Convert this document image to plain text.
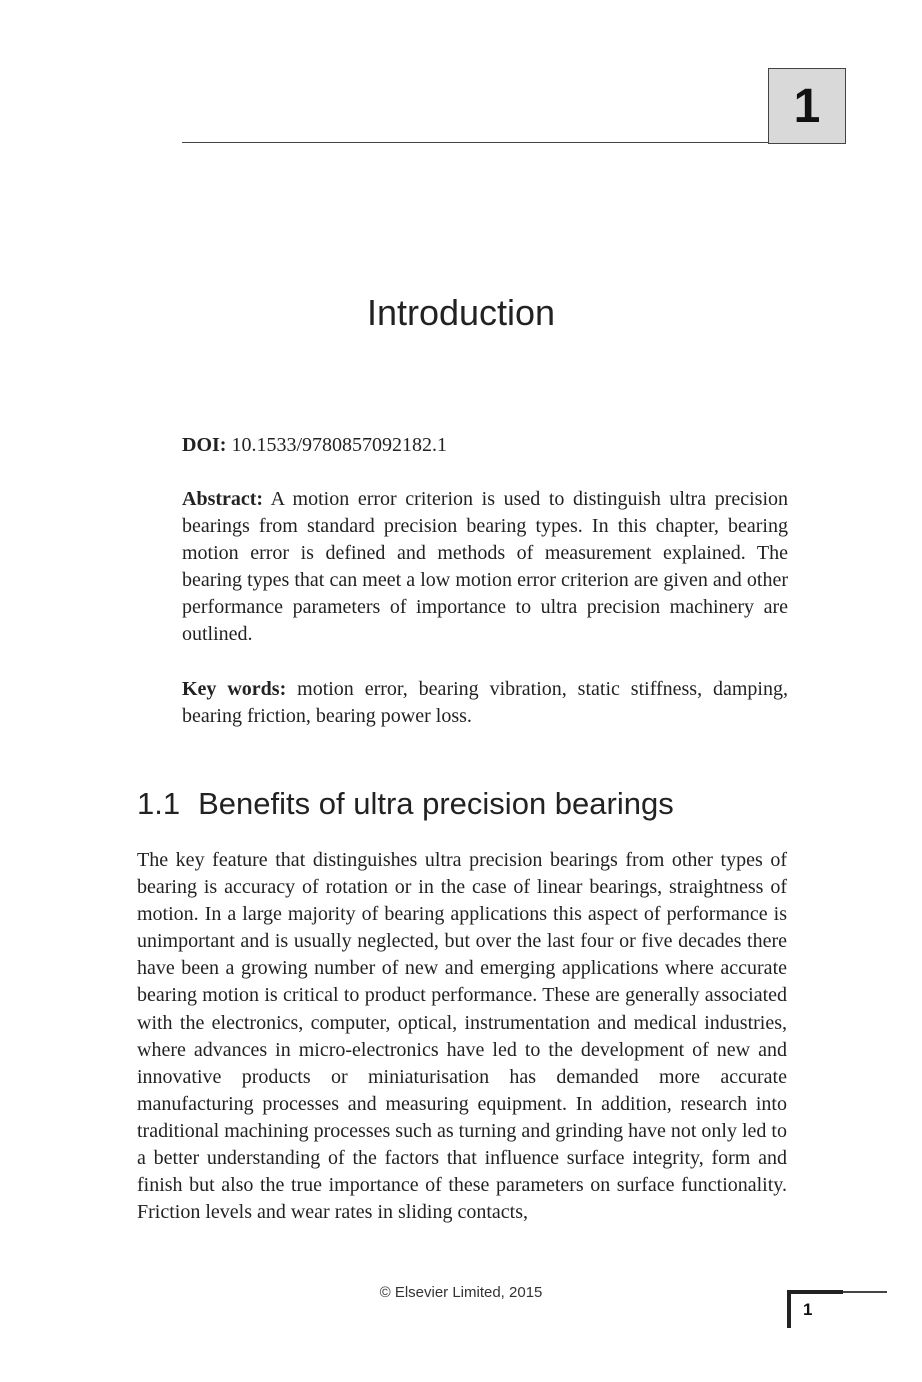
1
Introduction

DOI: 10.1533/9780857092182.1

Abstract: A motion error criterion is used to distinguish ultra precision bearings from standard precision bearing types. In this chapter, bearing motion error is defined and methods of measurement explained. The bearing types that can meet a low motion error criterion are given and other performance parameters of importance to ultra precision machinery are outlined.

Key words: motion error, bearing vibration, static stiffness, damping, bearing friction, bearing power loss.

1.1 Benefits of ultra precision bearings

The key feature that distinguishes ultra precision bearings from other types of bearing is accuracy of rotation or in the case of linear bearings, straightness of motion. In a large majority of bearing applications this aspect of performance is unimportant and is usually neglected, but over the last four or five decades there have been a growing number of new and emerging applications where accurate bearing motion is critical to product performance. These are generally associated with the electronics, computer, optical, instrumentation and medical industries, where advances in micro-electronics have led to the development of new and innovative products or miniaturisation has demanded more accurate manufacturing processes and measuring equipment. In addition, research into traditional machining processes such as turning and grinding have not only led to a better understanding of the factors that influence surface integrity, form and finish but also the true importance of these parameters on surface functionality. Friction levels and wear rates in sliding contacts,

© Elsevier Limited, 2015
1
